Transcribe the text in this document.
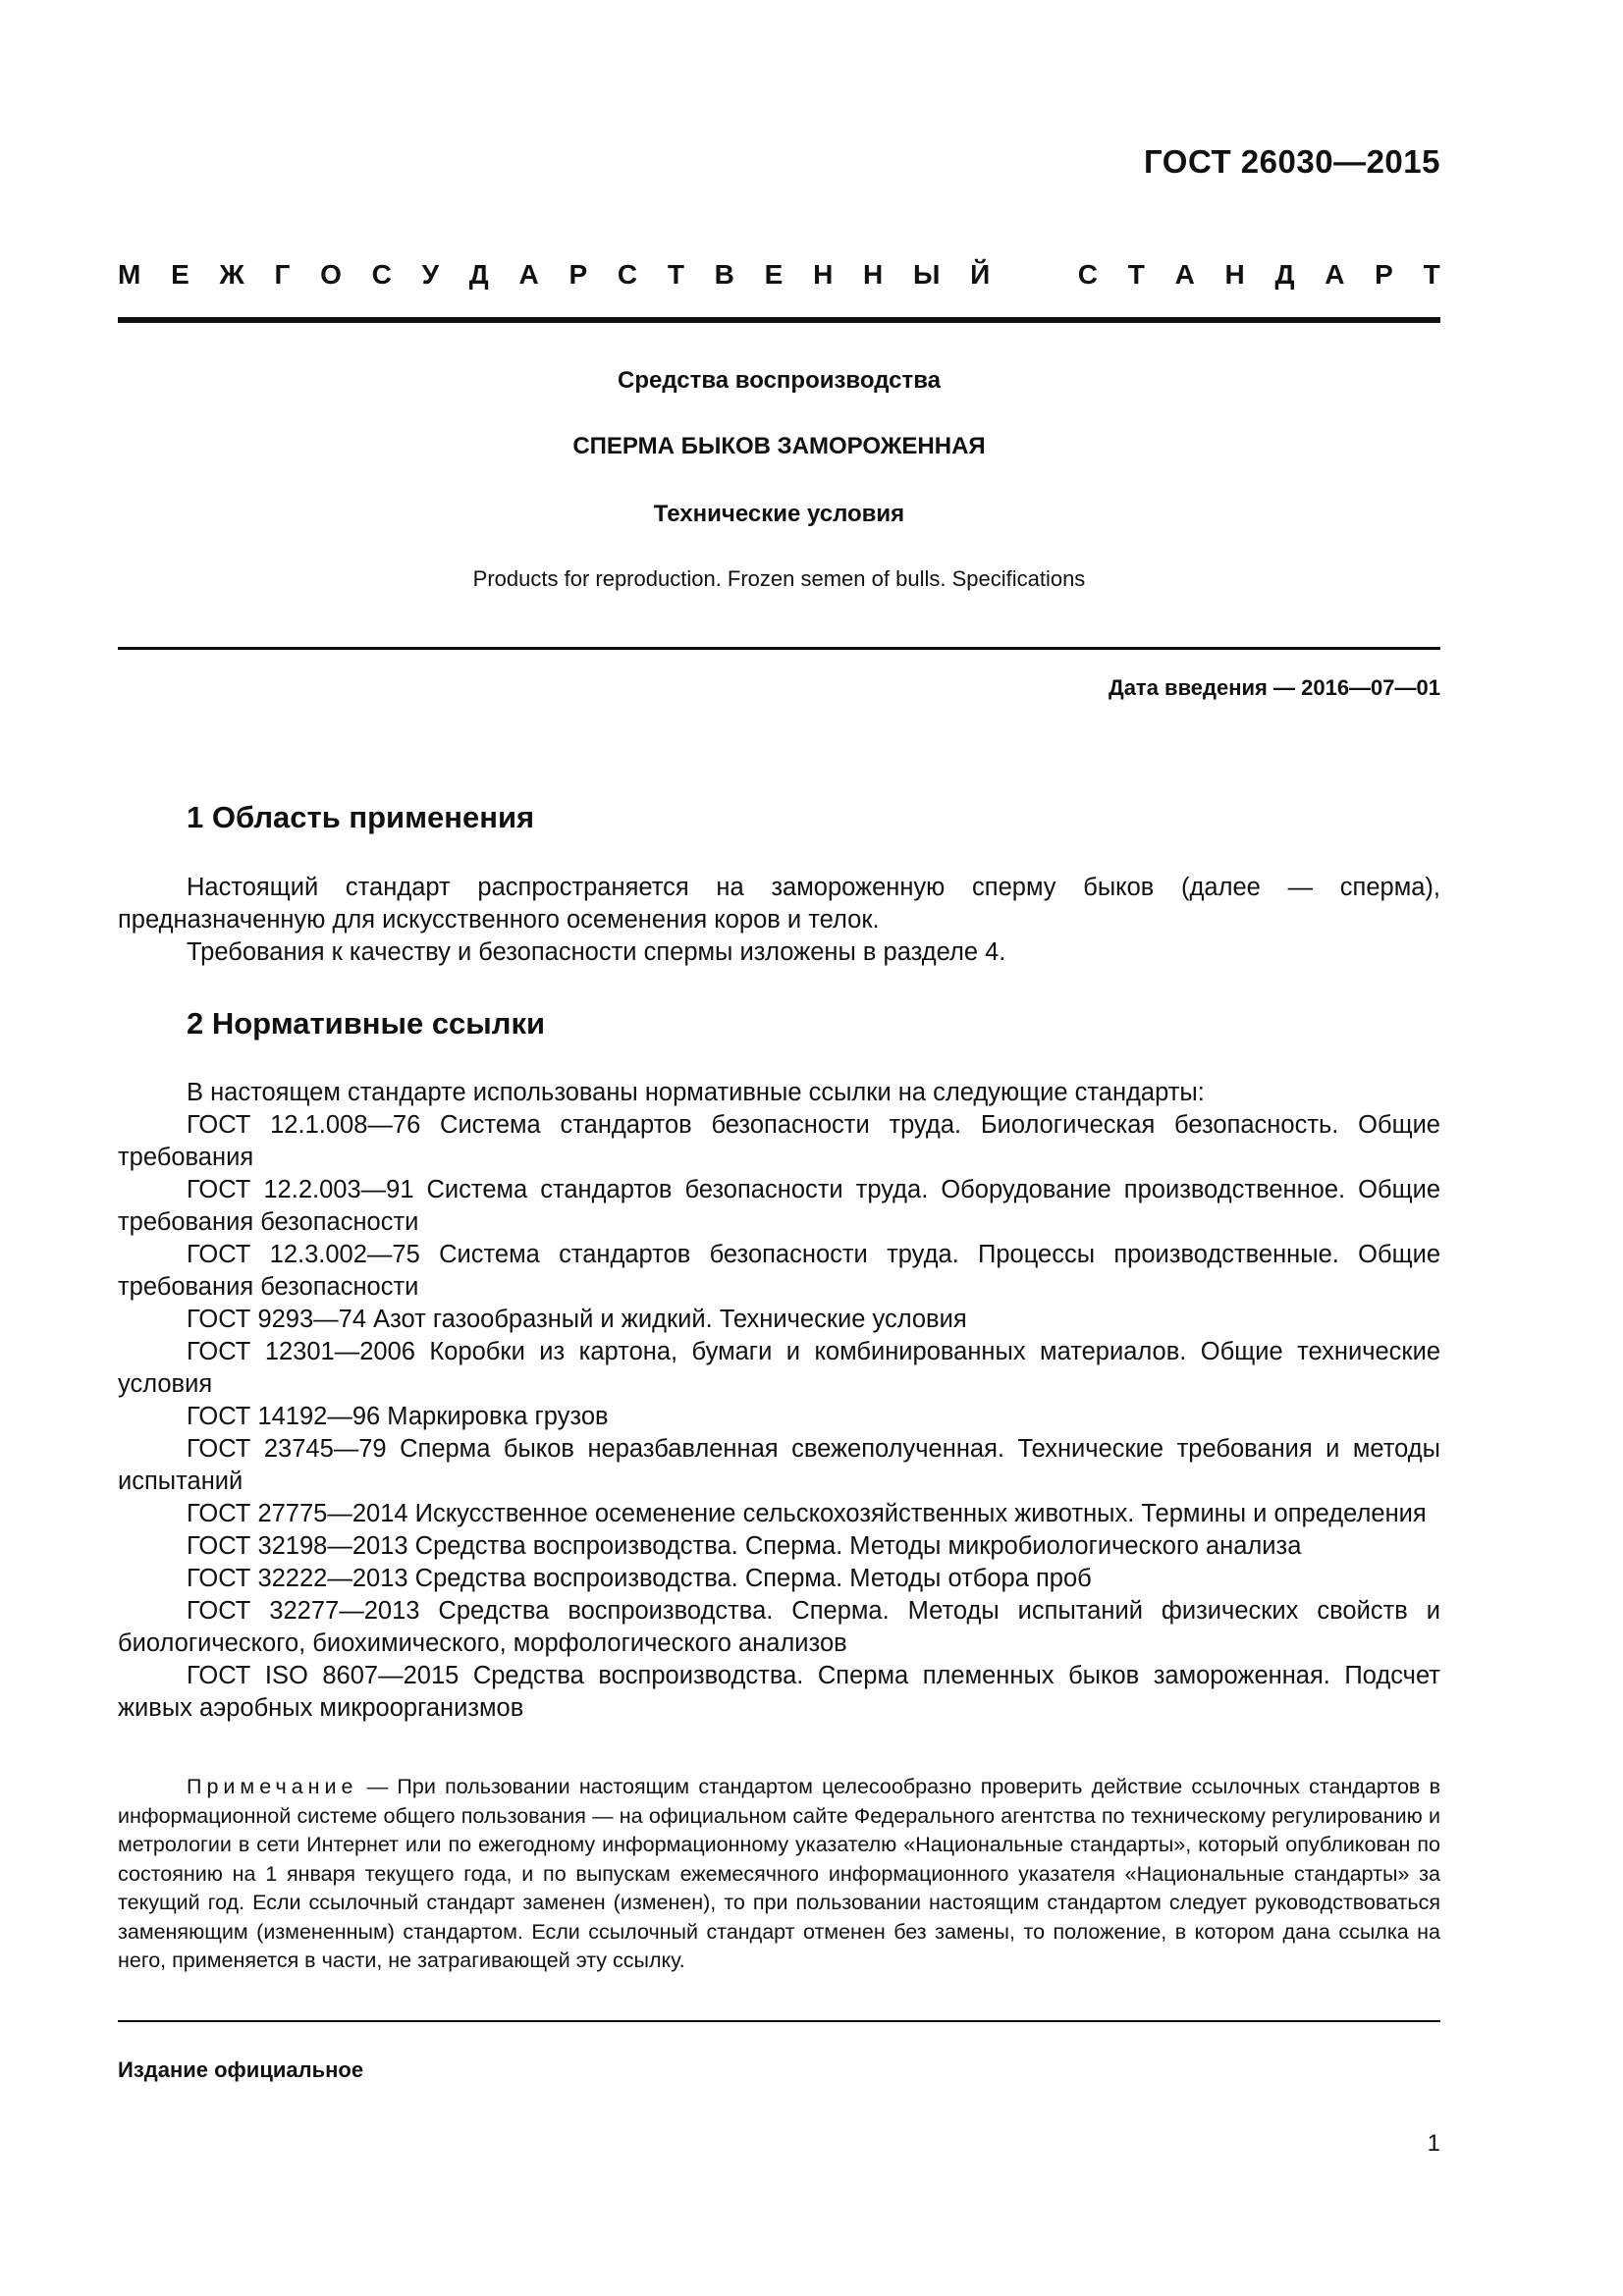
ГОСТ 26030—2015
М Е Ж Г О С У Д А Р С Т В Е Н Н Ы Й	С Т А Н Д А Р Т
Средства воспроизводства
СПЕРМА БЫКОВ ЗАМОРОЖЕННАЯ
Технические условия
Products for reproduction. Frozen semen of bulls. Specifications
Дата введения — 2016—07—01
1 Область применения

Настоящий стандарт распространяется на замороженную сперму быков (далее — сперма), предназначенную для искусственного осеменения коров и телок.

Требования к качеству и безопасности спермы изложены в разделе 4.

2 Нормативные ссылки

В настоящем стандарте использованы нормативные ссылки на следующие стандарты:

ГОСТ 12.1.008—76 Система стандартов безопасности труда. Биологическая безопасность. Общие требования

ГОСТ 12.2.003—91 Система стандартов безопасности труда. Оборудование производственное. Общие требования безопасности

ГОСТ 12.3.002—75 Система стандартов безопасности труда. Процессы производственные. Общие требования безопасности

ГОСТ 9293—74 Азот газообразный и жидкий. Технические условия

ГОСТ 12301—2006 Коробки из картона, бумаги и комбинированных материалов. Общие технические условия

ГОСТ 14192—96 Маркировка грузов

ГОСТ 23745—79 Сперма быков неразбавленная свежеполученная. Технические требования и методы испытаний

ГОСТ 27775—2014 Искусственное осеменение сельскохозяйственных животных. Термины и определения

ГОСТ 32198—2013 Средства воспроизводства. Сперма. Методы микробиологического анализа

ГОСТ 32222—2013 Средства воспроизводства. Сперма. Методы отбора проб

ГОСТ 32277—2013 Средства воспроизводства. Сперма. Методы испытаний физических свойств и биологического, биохимического, морфологического анализов

ГОСТ ISO 8607—2015 Средства воспроизводства. Сперма племенных быков замороженная. Подсчет живых аэробных микроорганизмов

Примечание — При пользовании настоящим стандартом целесообразно проверить действие ссылочных стандартов в информационной системе общего пользования — на официальном сайте Федерального агентства по техническому регулированию и метрологии в сети Интернет или по ежегодному информационному указателю «Национальные стандарты», который опубликован по состоянию на 1 января текущего года, и по выпускам ежемесячного информационного указателя «Национальные стандарты» за текущий год. Если ссылочный стандарт заменен (изменен), то при пользовании настоящим стандартом следует руководствоваться заменяющим (измененным) стандартом. Если ссылочный стандарт отменен без замены, то положение, в котором дана ссылка на него, применяется в части, не затрагивающей эту ссылку.

Издание официальное
1
